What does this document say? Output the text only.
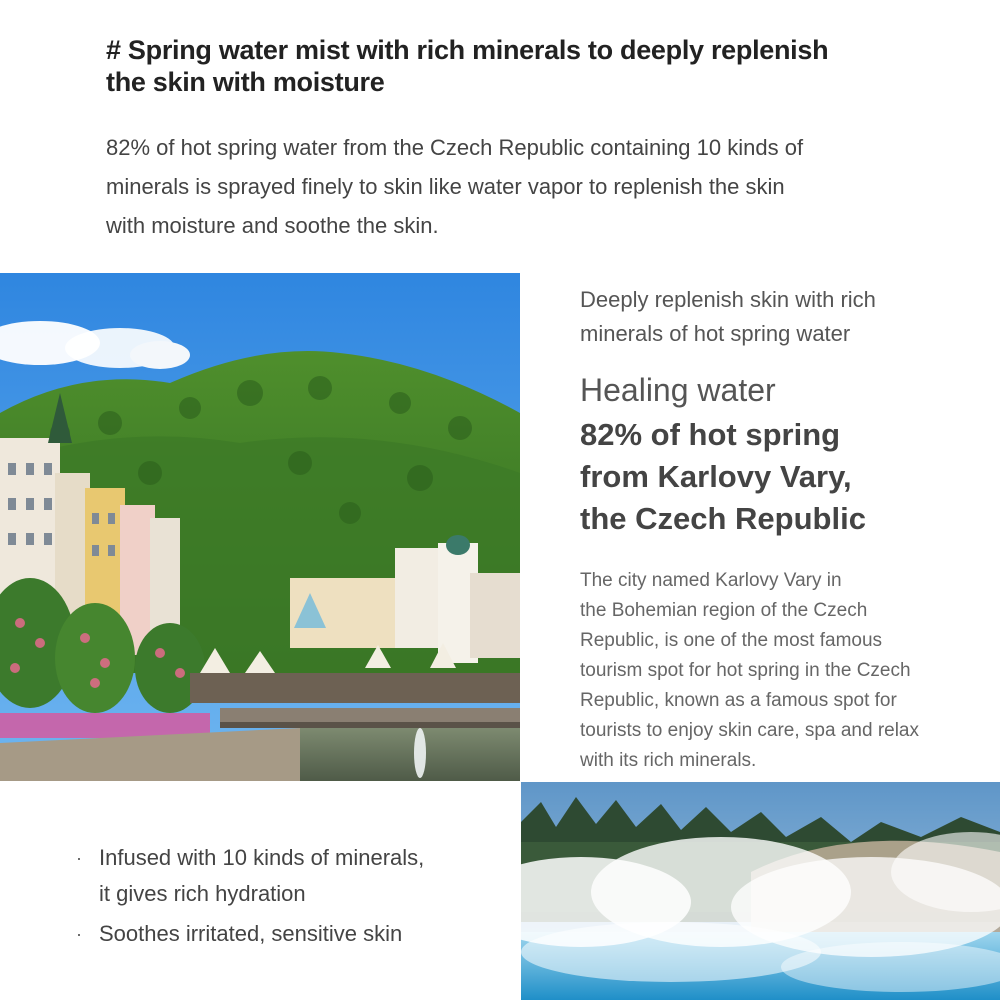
# Spring water mist with rich minerals to deeply replenish
the skin with moisture
82% of hot spring water from the Czech Republic containing 10 kinds of
minerals is sprayed finely to skin like water vapor to replenish the skin
with moisture and soothe the skin.
Deeply replenish skin with rich
minerals of hot spring water
Healing water
82% of hot spring
from Karlovy Vary,
the Czech Republic
The city named Karlovy Vary in
the Bohemian region of the Czech
Republic, is one of the most famous
tourism spot for hot spring in the Czech
Republic, known as a famous spot for
tourists to enjoy skin care, spa and relax
with its rich minerals.
· Infused with 10 kinds of minerals,
it gives rich hydration
· Soothes irritated, sensitive skin
